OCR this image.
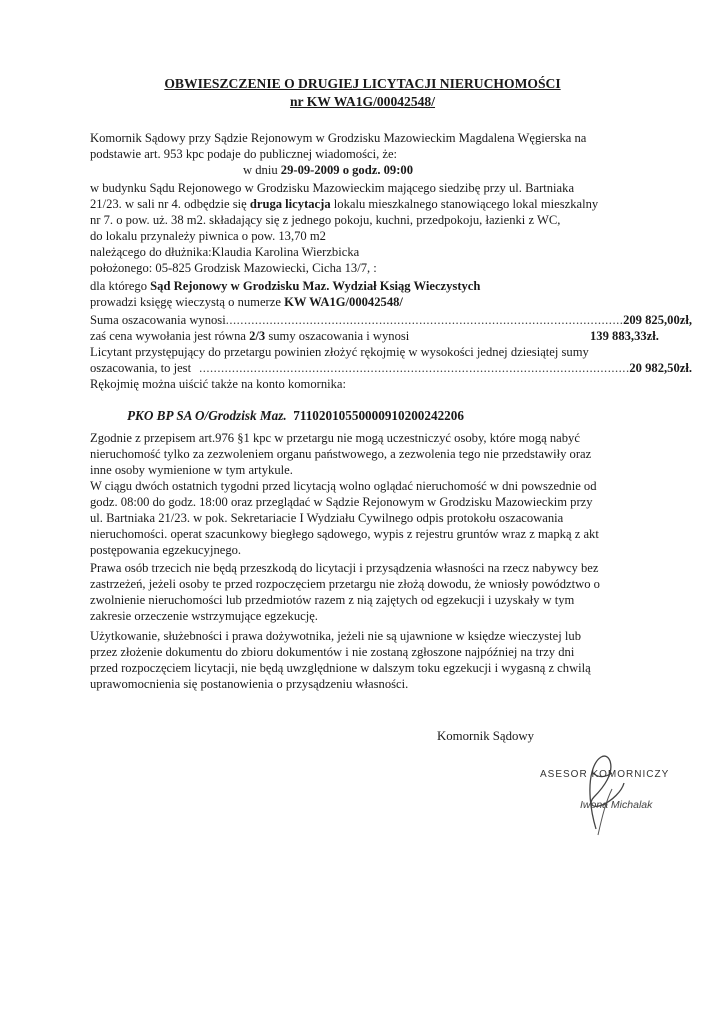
OBWIESZCZENIE O DRUGIEJ LICYTACJI NIERUCHOMOŚCI
nr KW WA1G/00042548/
Komornik Sądowy przy Sądzie Rejonowym w Grodzisku Mazowieckim Magdalena Węgierska na
podstawie art. 953 kpc podaje do publicznej wiadomości, że:
w dniu 29-09-2009 o godz. 09:00
w budynku Sądu Rejonowego w Grodzisku Mazowieckim mającego siedzibę przy ul. Bartniaka
21/23. w sali nr 4. odbędzie się druga licytacja lokalu mieszkalnego stanowiącego lokal mieszkalny
nr 7. o pow. uż. 38 m2. składający się z jednego pokoju, kuchni, przedpokoju, łazienki z WC,
do lokalu przynależy piwnica o pow. 13,70 m2
należącego do dłużnika:Klaudia Karolina Wierzbicka
położonego: 05-825 Grodzisk Mazowiecki, Cicha 13/7, :
dla którego Sąd Rejonowy w Grodzisku Maz. Wydział Ksiąg Wieczystych
prowadzi księgę wieczystą o numerze KW WA1G/00042548/
Suma oszacowania wynosi .....	209 825,00zł,
zaś cena wywołania jest równa 2/3 sumy oszacowania i wynosi	139 883,33zł.
Licytant przystępujący do przetargu powinien złożyć rękojmię w wysokości jednej dziesiątej sumy
oszacowania, to jest .....	20 982,50zł.
Rękojmię można uiścić także na konto komornika:
PKO BP SA O/Grodzisk Maz. 71102010550000910200242206
Zgodnie z przepisem art.976 §1 kpc w przetargu nie mogą uczestniczyć osoby, które mogą nabyć
nieruchomość tylko za zezwoleniem organu państwowego, a zezwolenia tego nie przedstawiły oraz
inne osoby wymienione w tym artykule.
W ciągu dwóch ostatnich tygodni przed licytacją wolno oglądać nieruchomość w dni powszednie od
godz. 08:00 do godz. 18:00 oraz przeglądać w Sądzie Rejonowym w Grodzisku Mazowieckim przy
ul. Bartniaka 21/23. w pok. Sekretariacie I Wydziału Cywilnego odpis protokołu oszacowania
nieruchomości. operat szacunkowy biegłego sądowego, wypis z rejestru gruntów wraz z mapką z akt
postępowania egzekucyjnego.
Prawa osób trzecich nie będą przeszkodą do licytacji i przysądzenia własności na rzecz nabywcy bez
zastrzeżeń, jeżeli osoby te przed rozpoczęciem przetargu nie złożą dowodu, że wniosły powództwo o
zwolnienie nieruchomości lub przedmiotów razem z nią zajętych od egzekucji i uzyskały w tym
zakresie orzeczenie wstrzymujące egzekucję.
Użytkowanie, służebności i prawa dożywotnika, jeżeli nie są ujawnione w księdze wieczystej lub
przez złożenie dokumentu do zbioru dokumentów i nie zostaną zgłoszone najpóźniej na trzy dni
przed rozpoczęciem licytacji, nie będą uwzględnione w dalszym toku egzekucji i wygasną z chwilą
uprawomocnienia się postanowienia o przysądzeniu własności.
Komornik Sądowy
ASESOR KOMORNICZY
Iwona Michalak
